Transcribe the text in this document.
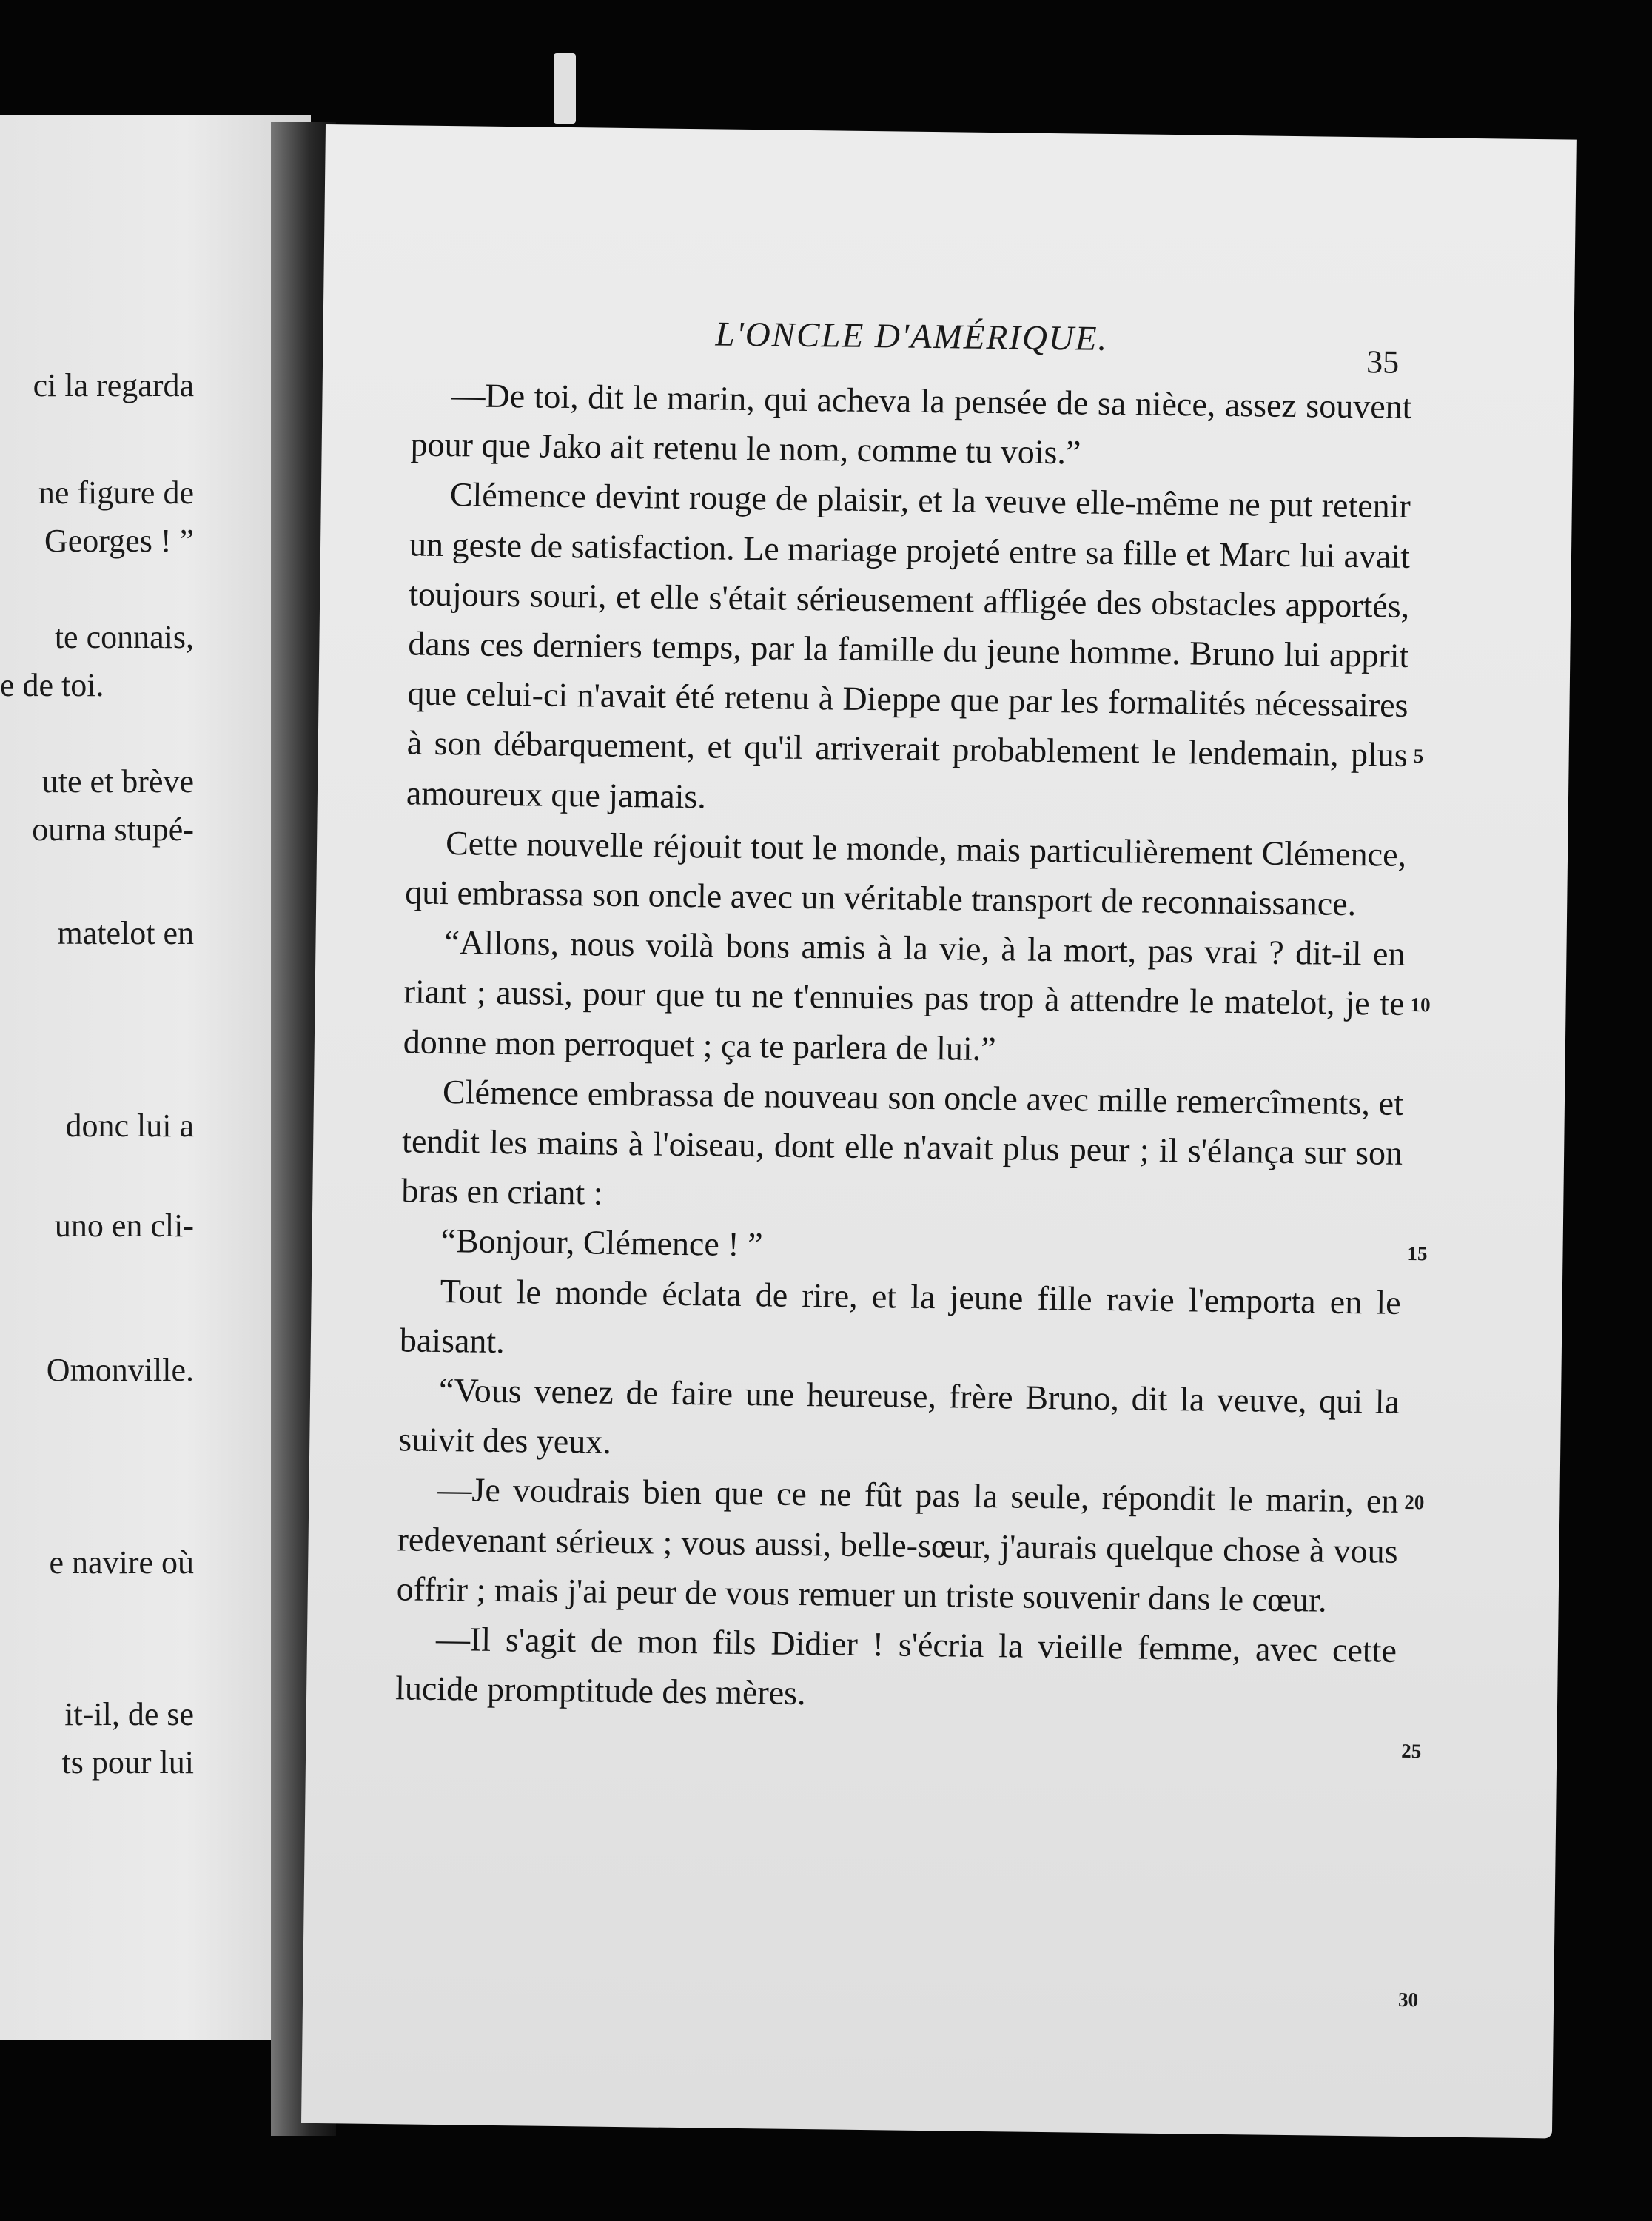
ci la regarda
ne figure de
Georges ! ”
te connais,
e de toi.
ute et brève
ourna stupé-
matelot en
donc lui a
uno en cli-
Omonville.
e navire où
it-il, de se
ts pour lui
L'ONCLE D'AMÉRIQUE.
35

—De toi, dit le marin, qui acheva la pensée de sa nièce, assez souvent pour que Jako ait retenu le nom, comme tu vois.”

Clémence devint rouge de plaisir, et la veuve elle-même ne put retenir un geste de satisfaction. Le mariage projeté entre sa fille et Marc lui avait toujours souri, et elle s'était sérieusement affligée des obstacles apportés, dans ces derniers temps, par la famille du jeune homme. Bruno lui apprit que celui-ci n'avait été retenu à Dieppe que par les formalités nécessaires à son débarquement, et qu'il arriverait probablement le lendemain, plus amoureux que jamais.

Cette nouvelle réjouit tout le monde, mais particulièrement Clémence, qui embrassa son oncle avec un véritable transport de reconnaissance.

“Allons, nous voilà bons amis à la vie, à la mort, pas vrai ? dit-il en riant ; aussi, pour que tu ne t'ennuies pas trop à attendre le matelot, je te donne mon perroquet ; ça te parlera de lui.”

Clémence embrassa de nouveau son oncle avec mille remercîments, et tendit les mains à l'oiseau, dont elle n'avait plus peur ; il s'élança sur son bras en criant :

“Bonjour, Clémence ! ”

Tout le monde éclata de rire, et la jeune fille ravie l'emporta en le baisant.

“Vous venez de faire une heureuse, frère Bruno, dit la veuve, qui la suivit des yeux.

—Je voudrais bien que ce ne fût pas la seule, répondit le marin, en redevenant sérieux ; vous aussi, belle-sœur, j'aurais quelque chose à vous offrir ; mais j'ai peur de vous remuer un triste souvenir dans le cœur.

—Il s'agit de mon fils Didier ! s'écria la vieille femme, avec cette lucide promptitude des mères.

5
10
15
20
25
30
